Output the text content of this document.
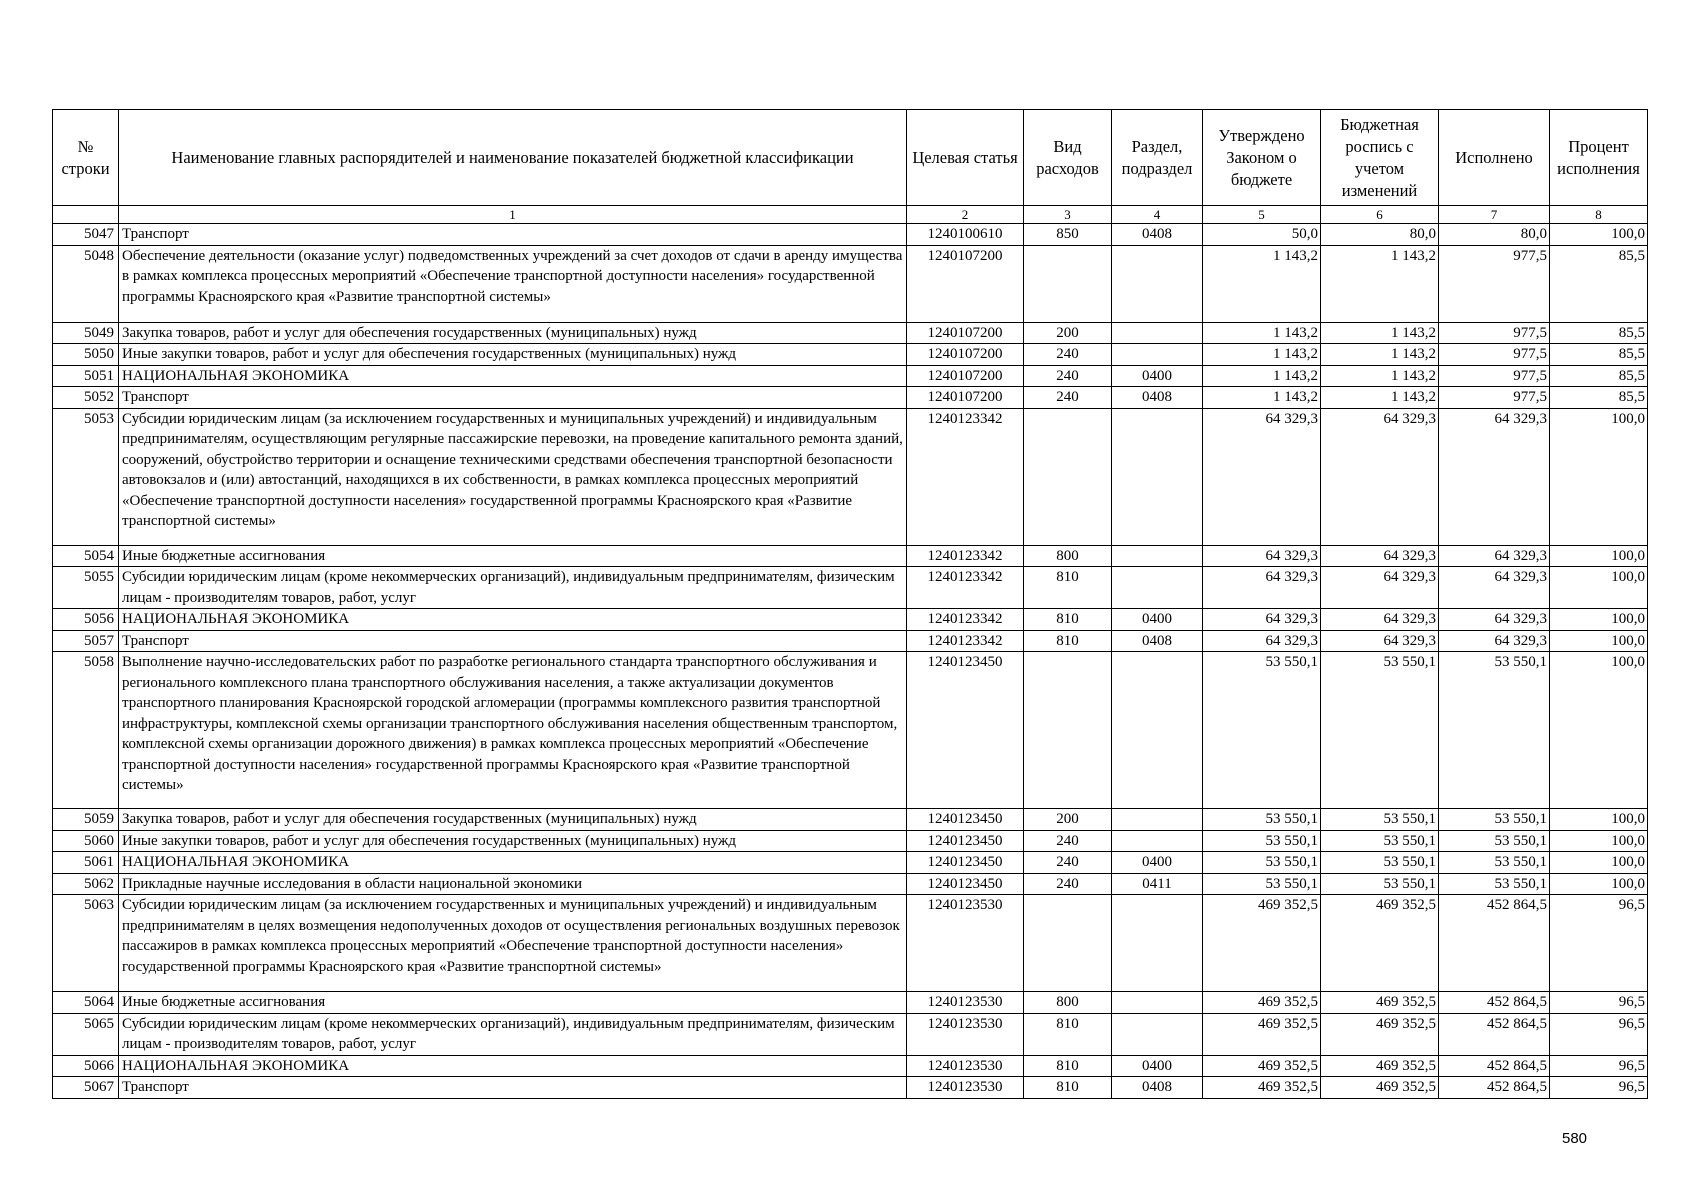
№ строки	Наименование главных распорядителей и наименование показателей бюджетной классификации	Целевая статья	Вид расходов	Раздел, подраздел	Утверждено Законом о бюджете	Бюджетная роспись с учетом изменений	Исполнено	Процент исполнения
	1	2	3	4	5	6	7	8
5047	Транспорт	1240100610	850	0408	50,0	80,0	80,0	100,0
5048	Обеспечение деятельности (оказание услуг) подведомственных учреждений за счет доходов от сдачи в аренду имущества в рамках комплекса процессных мероприятий «Обеспечение транспортной доступности населения» государственной программы Красноярского края «Развитие транспортной системы»	1240107200			1 143,2	1 143,2	977,5	85,5
5049	Закупка товаров, работ и услуг для обеспечения государственных (муниципальных) нужд	1240107200	200		1 143,2	1 143,2	977,5	85,5
5050	Иные закупки товаров, работ и услуг для обеспечения государственных (муниципальных) нужд	1240107200	240		1 143,2	1 143,2	977,5	85,5
5051	НАЦИОНАЛЬНАЯ ЭКОНОМИКА	1240107200	240	0400	1 143,2	1 143,2	977,5	85,5
5052	Транспорт	1240107200	240	0408	1 143,2	1 143,2	977,5	85,5
5053	Субсидии юридическим лицам (за исключением государственных и муниципальных учреждений) и индивидуальным предпринимателям, осуществляющим регулярные пассажирские перевозки, на проведение капитального ремонта зданий, сооружений, обустройство территории и оснащение техническими средствами обеспечения транспортной безопасности автовокзалов и (или) автостанций, находящихся в их собственности, в рамках комплекса процессных мероприятий «Обеспечение транспортной доступности населения» государственной программы Красноярского края «Развитие транспортной системы»	1240123342			64 329,3	64 329,3	64 329,3	100,0
5054	Иные бюджетные ассигнования	1240123342	800		64 329,3	64 329,3	64 329,3	100,0
5055	Субсидии юридическим лицам (кроме некоммерческих организаций), индивидуальным предпринимателям, физическим лицам - производителям товаров, работ, услуг	1240123342	810		64 329,3	64 329,3	64 329,3	100,0
5056	НАЦИОНАЛЬНАЯ ЭКОНОМИКА	1240123342	810	0400	64 329,3	64 329,3	64 329,3	100,0
5057	Транспорт	1240123342	810	0408	64 329,3	64 329,3	64 329,3	100,0
5058	Выполнение научно-исследовательских работ по разработке регионального стандарта транспортного обслуживания и регионального комплексного плана транспортного обслуживания населения, а также актуализации документов транспортного планирования Красноярской городской агломерации (программы комплексного развития транспортной инфраструктуры, комплексной схемы организации транспортного обслуживания населения общественным транспортом, комплексной схемы организации дорожного движения) в рамках комплекса процессных мероприятий «Обеспечение транспортной доступности населения» государственной программы Красноярского края «Развитие транспортной системы»	1240123450			53 550,1	53 550,1	53 550,1	100,0
5059	Закупка товаров, работ и услуг для обеспечения государственных (муниципальных) нужд	1240123450	200		53 550,1	53 550,1	53 550,1	100,0
5060	Иные закупки товаров, работ и услуг для обеспечения государственных (муниципальных) нужд	1240123450	240		53 550,1	53 550,1	53 550,1	100,0
5061	НАЦИОНАЛЬНАЯ ЭКОНОМИКА	1240123450	240	0400	53 550,1	53 550,1	53 550,1	100,0
5062	Прикладные научные исследования в области национальной экономики	1240123450	240	0411	53 550,1	53 550,1	53 550,1	100,0
5063	Субсидии юридическим лицам (за исключением государственных и муниципальных учреждений) и индивидуальным предпринимателям в целях возмещения недополученных доходов от осуществления региональных воздушных перевозок пассажиров в рамках комплекса процессных мероприятий «Обеспечение транспортной доступности населения» государственной программы Красноярского края «Развитие транспортной системы»	1240123530			469 352,5	469 352,5	452 864,5	96,5
5064	Иные бюджетные ассигнования	1240123530	800		469 352,5	469 352,5	452 864,5	96,5
5065	Субсидии юридическим лицам (кроме некоммерческих организаций), индивидуальным предпринимателям, физическим лицам - производителям товаров, работ, услуг	1240123530	810		469 352,5	469 352,5	452 864,5	96,5
5066	НАЦИОНАЛЬНАЯ ЭКОНОМИКА	1240123530	810	0400	469 352,5	469 352,5	452 864,5	96,5
5067	Транспорт	1240123530	810	0408	469 352,5	469 352,5	452 864,5	96,5
580
